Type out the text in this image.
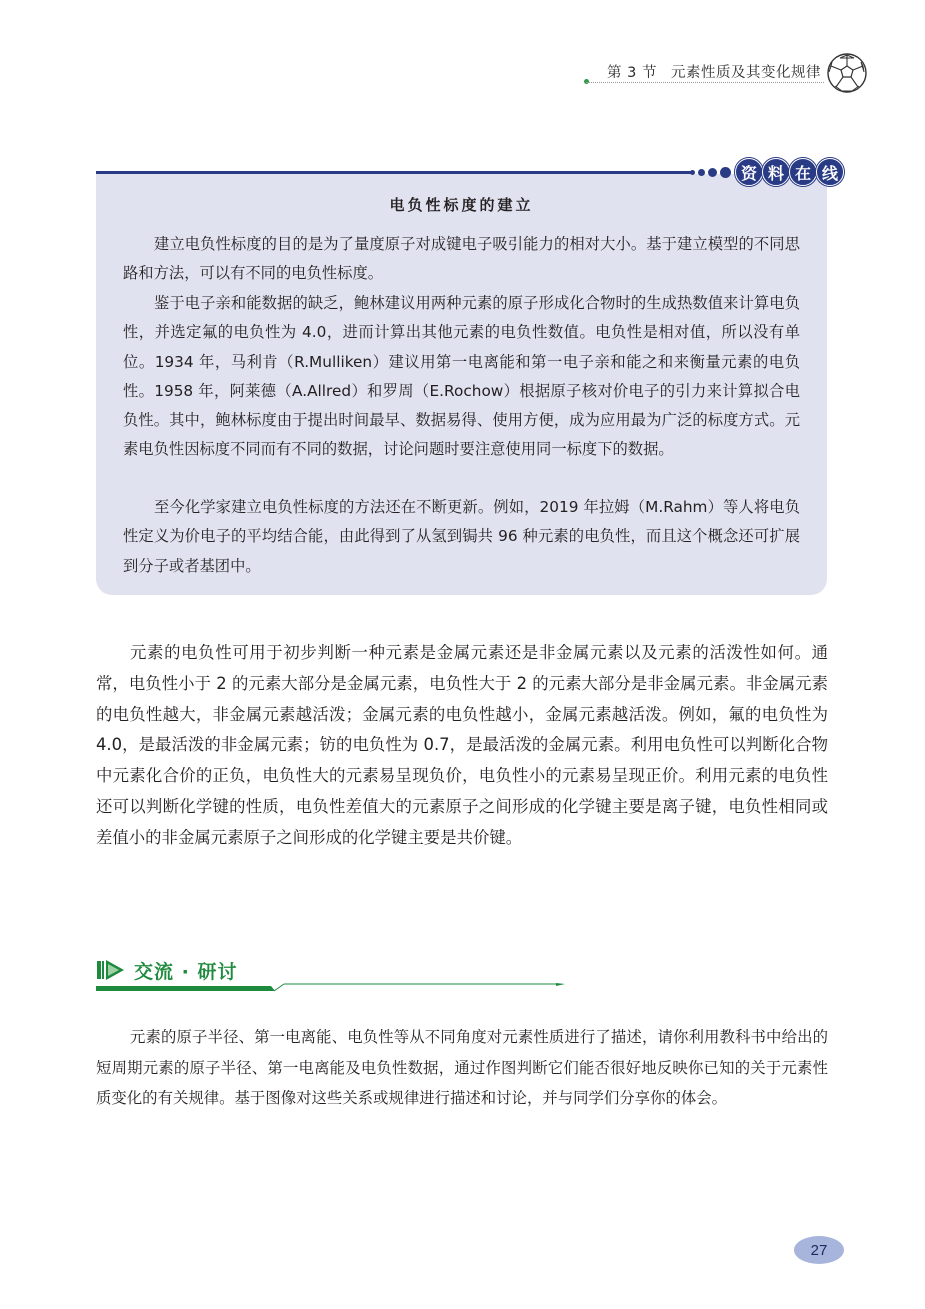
第 3 节 元素性质及其变化规律
资 料 在 线
电负性标度的建立

建立电负性标度的目的是为了量度原子对成键电子吸引能力的相对大小。基于建立模型的不同思路和方法，可以有不同的电负性标度。

鉴于电子亲和能数据的缺乏，鲍林建议用两种元素的原子形成化合物时的生成热数值来计算电负性，并选定氟的电负性为 4.0，进而计算出其他元素的电负性数值。电负性是相对值，所以没有单位。1934 年，马利肯（R.Mulliken）建议用第一电离能和第一电子亲和能之和来衡量元素的电负性。1958 年，阿莱德（A.Allred）和罗周（E.Rochow）根据原子核对价电子的引力来计算拟合电负性。其中，鲍林标度由于提出时间最早、数据易得、使用方便，成为应用最为广泛的标度方式。元素电负性因标度不同而有不同的数据，讨论问题时要注意使用同一标度下的数据。

至今化学家建立电负性标度的方法还在不断更新。例如，2019 年拉姆（M.Rahm）等人将电负性定义为价电子的平均结合能，由此得到了从氢到锔共 96 种元素的电负性，而且这个概念还可扩展到分子或者基团中。

元素的电负性可用于初步判断一种元素是金属元素还是非金属元素以及元素的活泼性如何。通常，电负性小于 2 的元素大部分是金属元素，电负性大于 2 的元素大部分是非金属元素。非金属元素的电负性越大，非金属元素越活泼；金属元素的电负性越小，金属元素越活泼。例如，氟的电负性为 4.0，是最活泼的非金属元素；钫的电负性为 0.7，是最活泼的金属元素。利用电负性可以判断化合物中元素化合价的正负，电负性大的元素易呈现负价，电负性小的元素易呈现正价。利用元素的电负性还可以判断化学键的性质，电负性差值大的元素原子之间形成的化学键主要是离子键，电负性相同或差值小的非金属元素原子之间形成的化学键主要是共价键。

交流 · 研讨

元素的原子半径、第一电离能、电负性等从不同角度对元素性质进行了描述，请你利用教科书中给出的短周期元素的原子半径、第一电离能及电负性数据，通过作图判断它们能否很好地反映你已知的关于元素性质变化的有关规律。基于图像对这些关系或规律进行描述和讨论，并与同学们分享你的体会。

27
